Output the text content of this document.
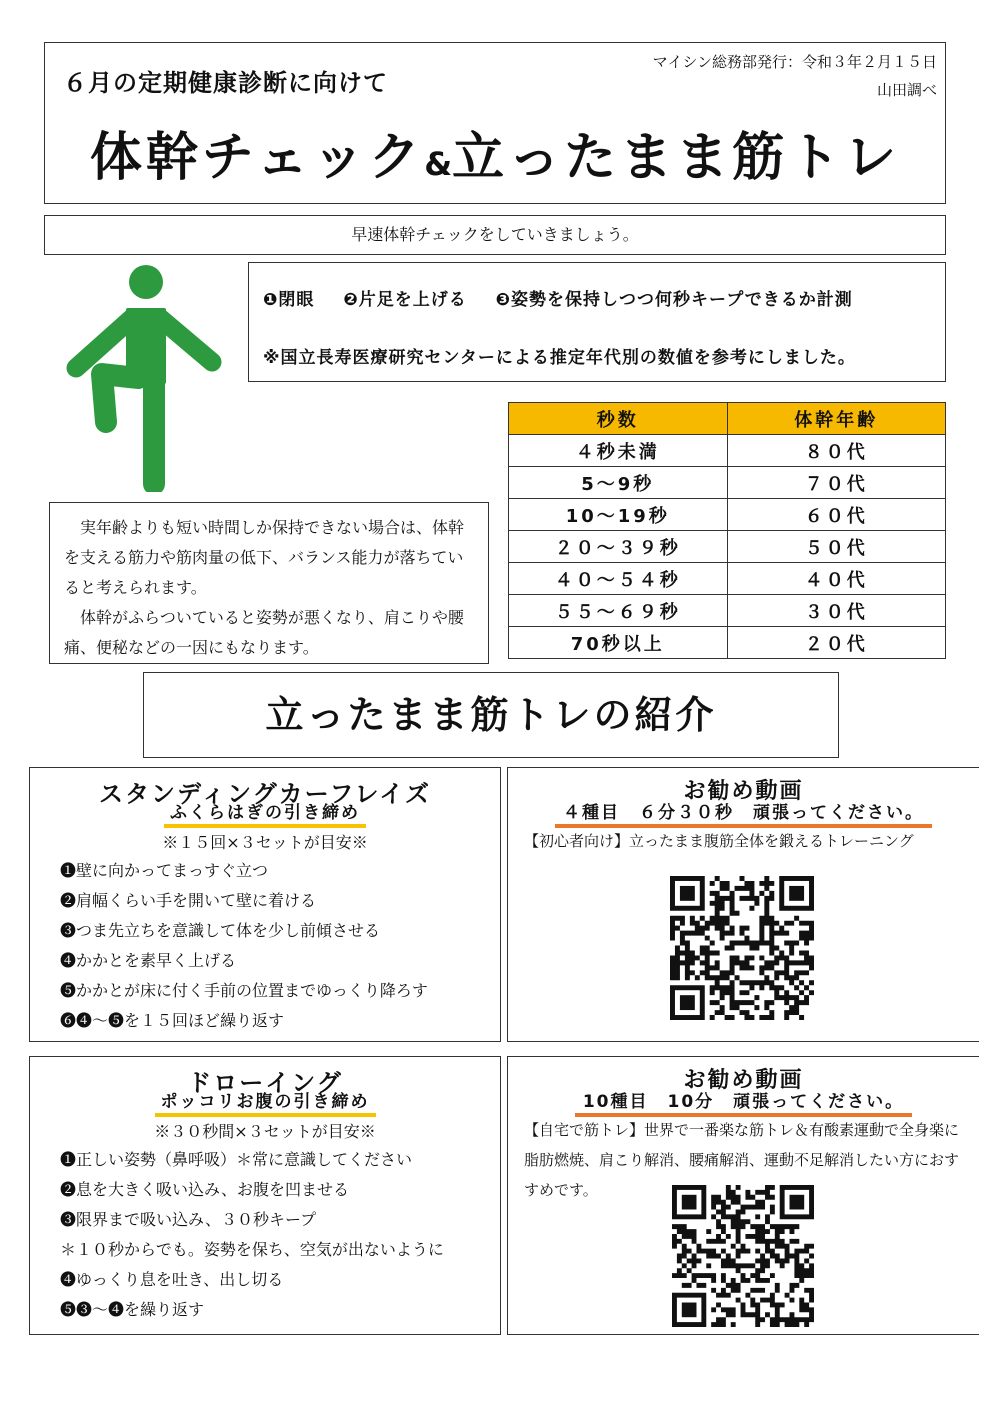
６月の定期健康診断に向けて
マイシン総務部発行：令和３年２月１５日
山田調べ
体幹チェック&立ったまま筋トレ
早速体幹チェックをしていきましょう。
❶閉眼 ❷片足を上げる ❸姿勢を保持しつつ何秒キープできるか計測
※国立長寿医療研究センターによる推定年代別の数値を参考にしました。
秒数	体幹年齢
４秒未満	８０代
5～9秒	７０代
10～19秒	６０代
２０～３９秒	５０代
４０～５４秒	４０代
５５～６９秒	３０代
70秒以上	２０代

実年齢よりも短い時間しか保持できない場合は、体幹を支える筋力や筋肉量の低下、バランス能力が落ちていると考えられます。

体幹がふらついていると姿勢が悪くなり、肩こりや腰痛、便秘などの一因にもなります。

立ったまま筋トレの紹介
スタンディングカーフレイズ
ふくらはぎの引き締め
※１５回×３セットが目安※
❶壁に向かってまっすぐ立つ
❷肩幅くらい手を開いて壁に着ける
❸つま先立ちを意識して体を少し前傾させる
❹かかとを素早く上げる
❺かかとが床に付く手前の位置までゆっくり降ろす
❻❹～❺を１５回ほど繰り返す
お勧め動画
４種目　６分３０秒　頑張ってください。
【初心者向け】立ったまま腹筋全体を鍛えるトレーニング
ドローイング
ポッコリお腹の引き締め
※３０秒間×３セットが目安※
❶正しい姿勢（鼻呼吸）＊常に意識してください
❷息を大きく吸い込み、お腹を凹ませる
❸限界まで吸い込み、３０秒キープ
＊１０秒からでも。姿勢を保ち、空気が出ないように
❹ゆっくり息を吐き、出し切る
❺❸～❹を繰り返す
お勧め動画
10種目　10分　頑張ってください。
【自宅で筋トレ】世界で一番楽な筋トレ＆有酸素運動で全身楽に脂肪燃焼、肩こり解消、腰痛解消、運動不足解消したい方におすすめです。
